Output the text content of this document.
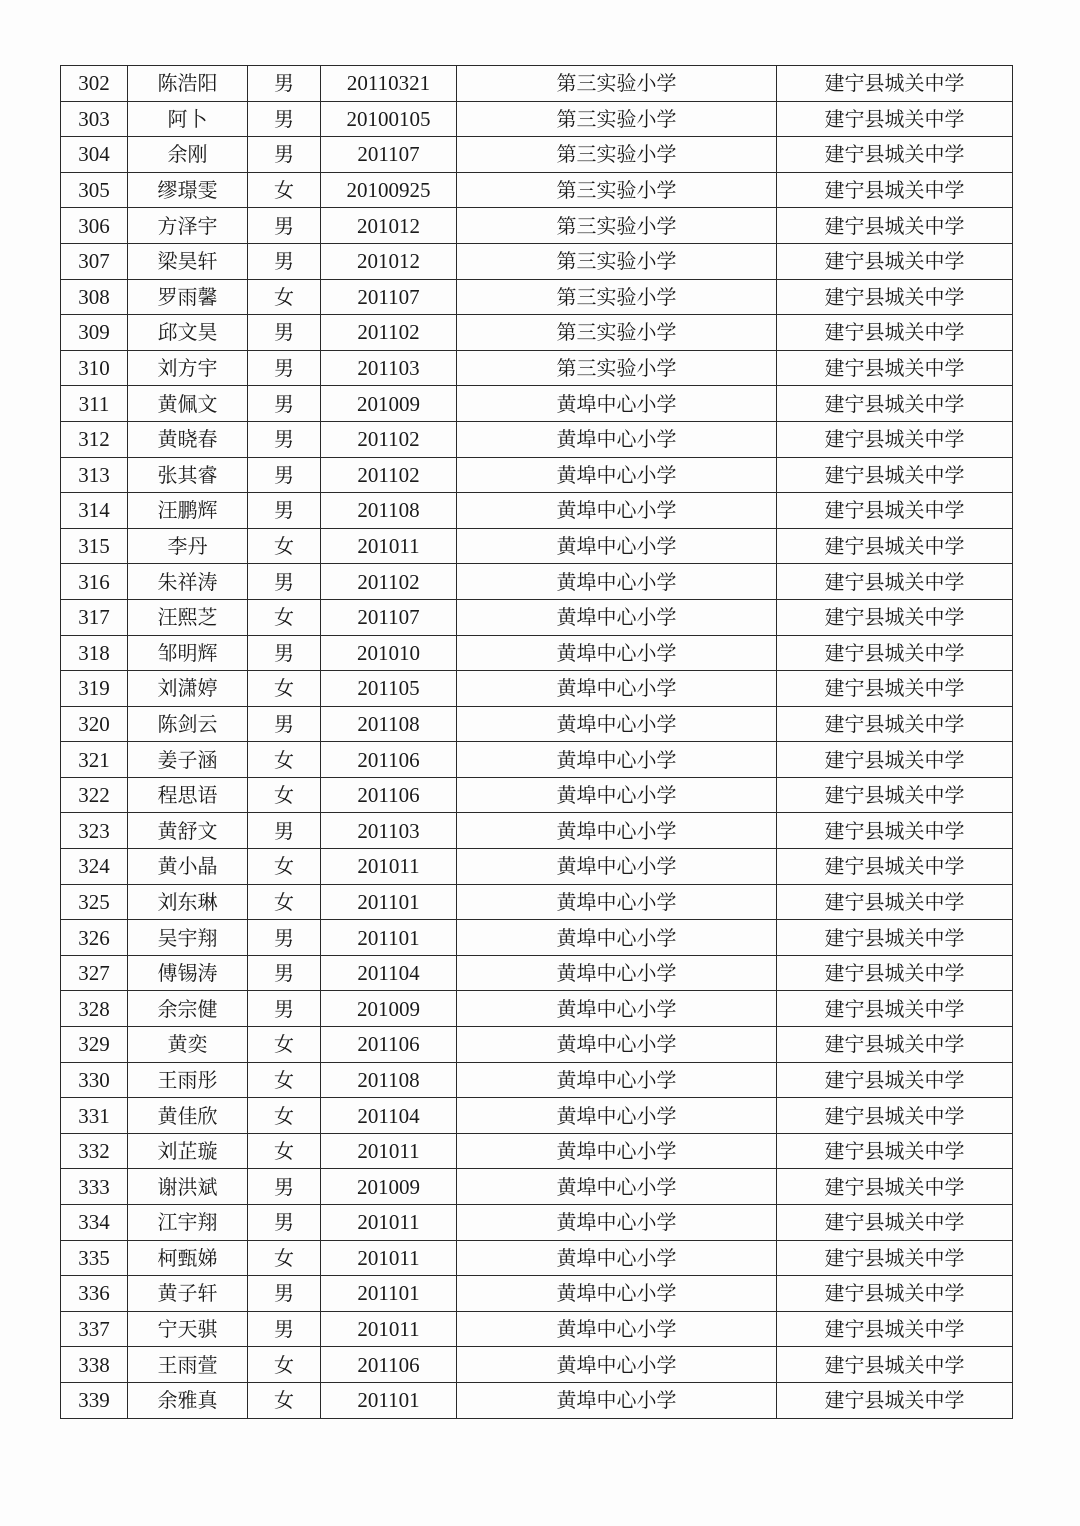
302	陈浩阳	男	20110321	第三实验小学	建宁县城关中学
303	阿卜	男	20100105	第三实验小学	建宁县城关中学
304	余刚	男	201107	第三实验小学	建宁县城关中学
305	缪璟雯	女	20100925	第三实验小学	建宁县城关中学
306	方泽宇	男	201012	第三实验小学	建宁县城关中学
307	梁昊轩	男	201012	第三实验小学	建宁县城关中学
308	罗雨馨	女	201107	第三实验小学	建宁县城关中学
309	邱文昊	男	201102	第三实验小学	建宁县城关中学
310	刘方宇	男	201103	第三实验小学	建宁县城关中学
311	黄佩文	男	201009	黄埠中心小学	建宁县城关中学
312	黄晓春	男	201102	黄埠中心小学	建宁县城关中学
313	张其睿	男	201102	黄埠中心小学	建宁县城关中学
314	汪鹏辉	男	201108	黄埠中心小学	建宁县城关中学
315	李丹	女	201011	黄埠中心小学	建宁县城关中学
316	朱祥涛	男	201102	黄埠中心小学	建宁县城关中学
317	汪熙芝	女	201107	黄埠中心小学	建宁县城关中学
318	邹明辉	男	201010	黄埠中心小学	建宁县城关中学
319	刘潇婷	女	201105	黄埠中心小学	建宁县城关中学
320	陈剑云	男	201108	黄埠中心小学	建宁县城关中学
321	姜子涵	女	201106	黄埠中心小学	建宁县城关中学
322	程思语	女	201106	黄埠中心小学	建宁县城关中学
323	黄舒文	男	201103	黄埠中心小学	建宁县城关中学
324	黄小晶	女	201011	黄埠中心小学	建宁县城关中学
325	刘东琳	女	201101	黄埠中心小学	建宁县城关中学
326	吴宇翔	男	201101	黄埠中心小学	建宁县城关中学
327	傅锡涛	男	201104	黄埠中心小学	建宁县城关中学
328	余宗健	男	201009	黄埠中心小学	建宁县城关中学
329	黄奕	女	201106	黄埠中心小学	建宁县城关中学
330	王雨彤	女	201108	黄埠中心小学	建宁县城关中学
331	黄佳欣	女	201104	黄埠中心小学	建宁县城关中学
332	刘芷璇	女	201011	黄埠中心小学	建宁县城关中学
333	谢洪斌	男	201009	黄埠中心小学	建宁县城关中学
334	江宇翔	男	201011	黄埠中心小学	建宁县城关中学
335	柯甄娣	女	201011	黄埠中心小学	建宁县城关中学
336	黄子轩	男	201101	黄埠中心小学	建宁县城关中学
337	宁天骐	男	201011	黄埠中心小学	建宁县城关中学
338	王雨萱	女	201106	黄埠中心小学	建宁县城关中学
339	余雅真	女	201101	黄埠中心小学	建宁县城关中学
